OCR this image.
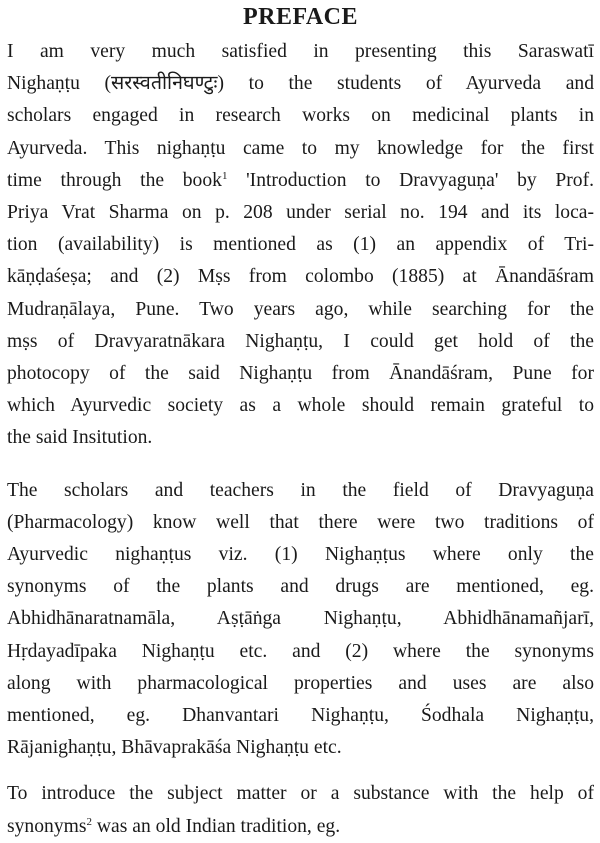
PREFACE

I am very much satisfied in presenting this Saraswatī
Nighaṇṭu (सरस्वतीनिघण्टुः) to the students of Ayurveda and
scholars engaged in research works on medicinal plants in
Ayurveda. This nighaṇṭu came to my knowledge for the first
time through the book$^1$ 'Introduction to Dravyaguṇa' by Prof.
Priya Vrat Sharma on p. 208 under serial no. 194 and its loca-
tion (availability) is mentioned as (1) an appendix of Tri-
kāṇḍaśeṣa; and (2) Mṣs from colombo (1885) at Ānandāśram
Mudraṇālaya, Pune. Two years ago, while searching for the
mṣs of Dravyaratnākara Nighaṇṭu, I could get hold of the
photocopy of the said Nighaṇṭu from Ānandāśram, Pune for
which Ayurvedic society as a whole should remain grateful to
the said Insitution.

The scholars and teachers in the field of Dravyaguṇa
(Pharmacology) know well that there were two traditions of
Ayurvedic nighaṇṭus viz. (1) Nighaṇṭus where only the
synonyms of the plants and drugs are mentioned, eg.
Abhidhānaratnamāla, Aṣṭāṅga Nighaṇṭu, Abhidhānamañjarī,
Hṛdayadīpaka Nighaṇṭu etc. and (2) where the synonyms
along with pharmacological properties and uses are also
mentioned, eg. Dhanvantari Nighaṇṭu, Śodhala Nighaṇṭu,
Rājanighaṇṭu, Bhāvaprakāśa Nighaṇṭu etc.

To introduce the subject matter or a substance with the help of
synonyms$^2$ was an old Indian tradition, eg.
